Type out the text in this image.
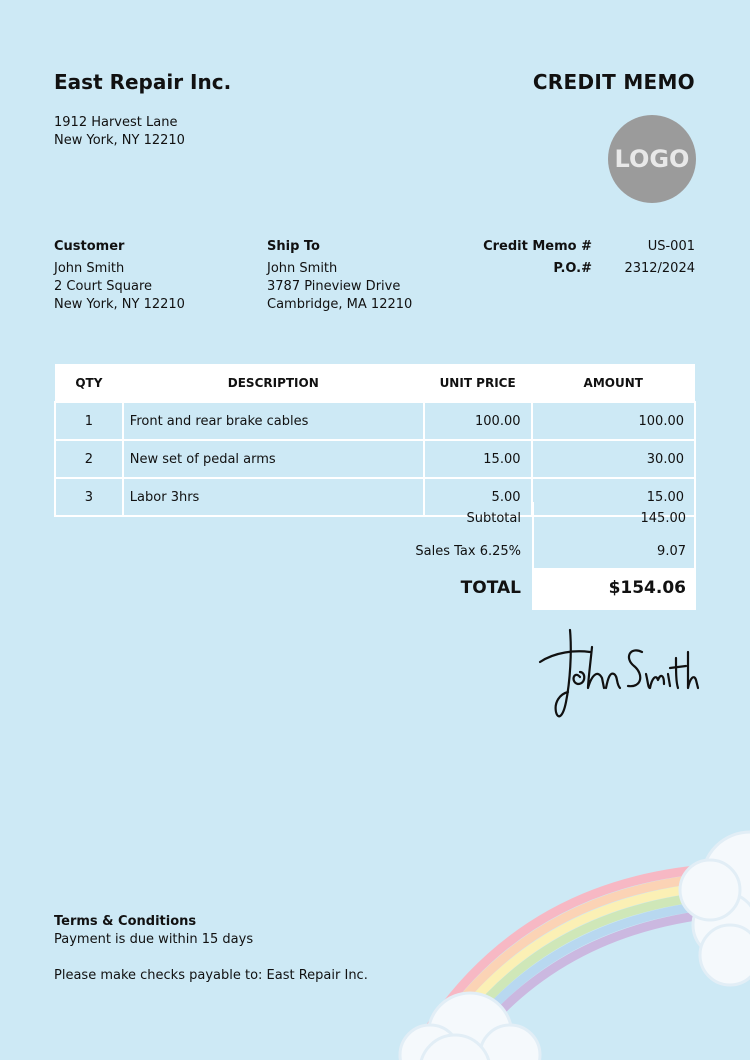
East Repair Inc.	CREDIT MEMO
1912 Harvest Lane
New York, NY 12210
LOGO
Customer
John Smith
2 Court Square
New York, NY 12210
Ship To
John Smith
3787 Pineview Drive
Cambridge, MA 12210
Credit Memo #	US-001
P.O.# 2312/2024
QTY	DESCRIPTION	UNIT PRICE	AMOUNT
1	Front and rear brake cables	100.00	100.00
2	New set of pedal arms	15.00	30.00
3	Labor 3hrs	5.00	15.00
Subtotal	145.00
Sales Tax 6.25%	9.07
TOTAL	$154.06
Terms & Conditions
Payment is due within 15 days
Please make checks payable to: East Repair Inc.
